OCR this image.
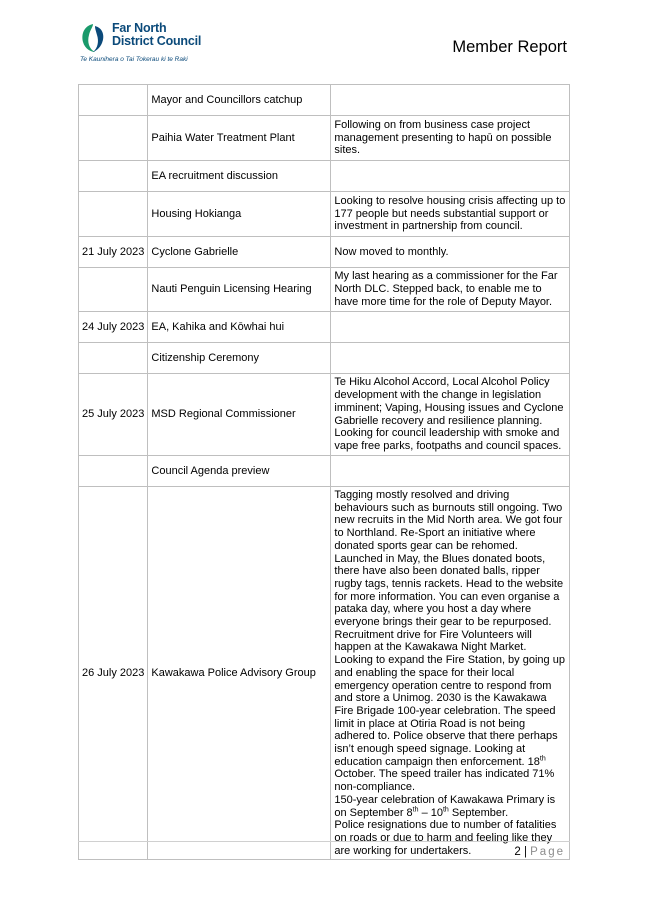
Far North
District Council
Te Kaunihera o Tai Tokerau ki te Raki
Member Report
	Mayor and Councillors catchup	
	Paihia Water Treatment Plant	Following on from business case project management presenting to hapū on possible sites.
	EA recruitment discussion	
	Housing Hokianga	Looking to resolve housing crisis affecting up to 177 people but needs substantial support or investment in partnership from council.
21 July 2023	Cyclone Gabrielle	Now moved to monthly.
	Nauti Penguin Licensing Hearing	My last hearing as a commissioner for the Far North DLC. Stepped back, to enable me to have more time for the role of Deputy Mayor.
24 July 2023	EA, Kahika and Kōwhai hui	
	Citizenship Ceremony	
25 July 2023	MSD Regional Commissioner	Te Hiku Alcohol Accord, Local Alcohol Policy development with the change in legislation imminent; Vaping, Housing issues and Cyclone Gabrielle recovery and resilience planning. Looking for council leadership with smoke and vape free parks, footpaths and council spaces.
	Council Agenda preview	
26 July 2023	Kawakawa Police Advisory Group	Tagging mostly resolved and driving behaviours such as burnouts still ongoing. Two new recruits in the Mid North area. We got four to Northland. Re-Sport an initiative where donated sports gear can be rehomed. Launched in May, the Blues donated boots, there have also been donated balls, ripper rugby tags, tennis rackets. Head to the website for more information. You can even organise a pataka day, where you host a day where everyone brings their gear to be repurposed.
Recruitment drive for Fire Volunteers will happen at the Kawakawa Night Market. Looking to expand the Fire Station, by going up and enabling the space for their local emergency operation centre to respond from and store a Unimog. 2030 is the Kawakawa Fire Brigade 100-year celebration. The speed limit in place at Otiria Road is not being adhered to. Police observe that there perhaps isn’t enough speed signage. Looking at education campaign then enforcement. 18th October. The speed trailer has indicated 71% non-compliance.
150-year celebration of Kawakawa Primary is on September 8th – 10th September.
Police resignations due to number of fatalities on roads or due to harm and feeling like they are working for undertakers.	2 | Page
